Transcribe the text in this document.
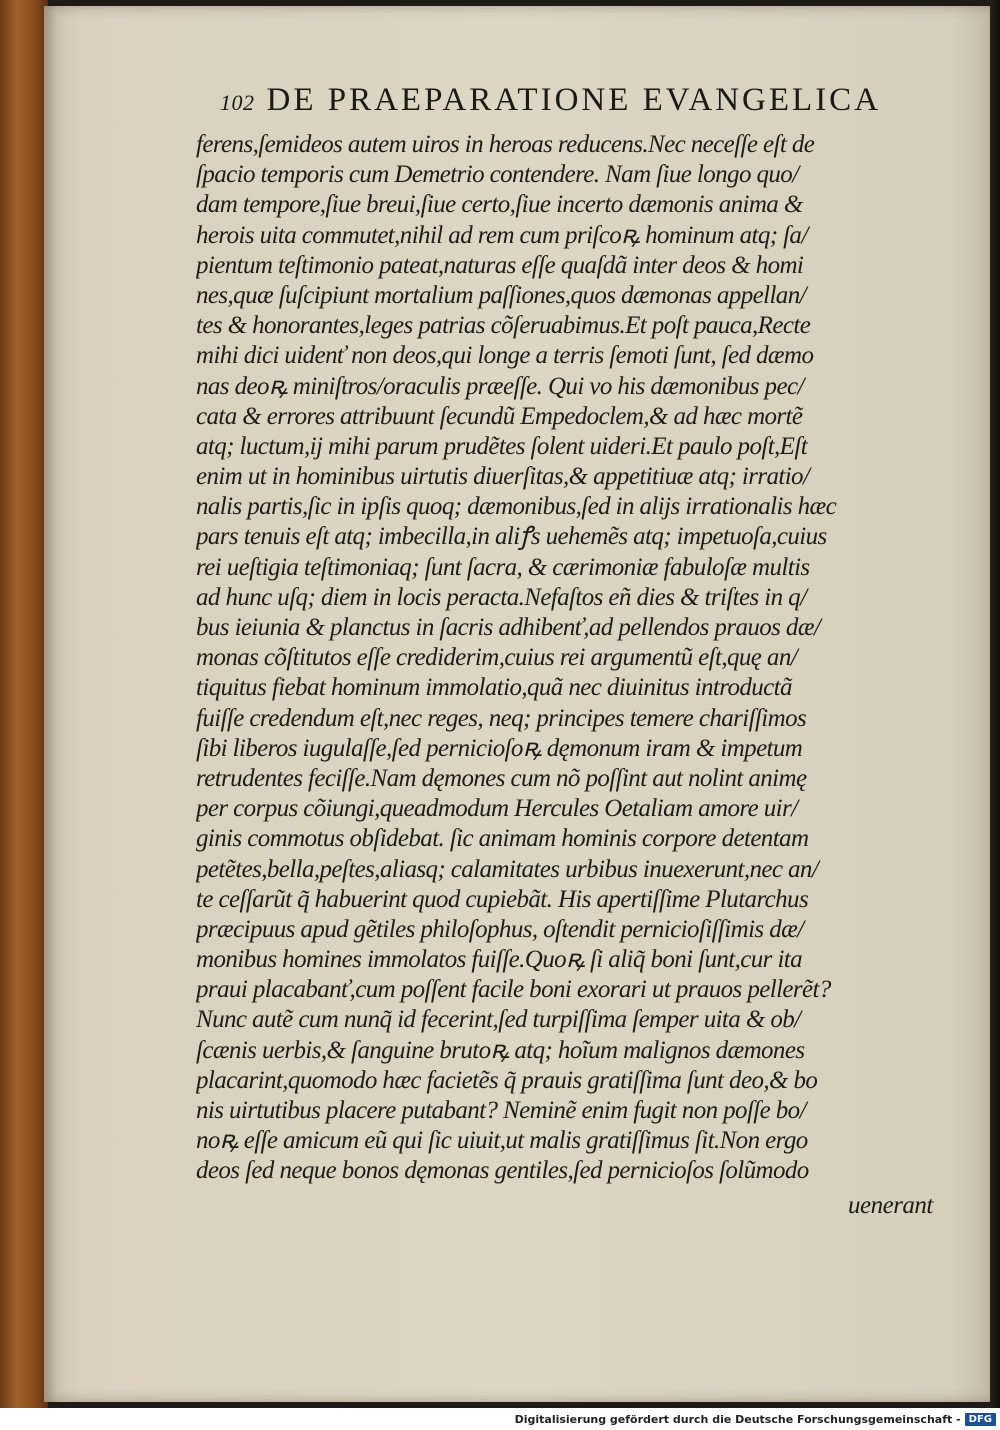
102 DE PRAEPARATIONE EVANGELICA
ferens,ſemideos autem uiros in heroas reducens.Nec neceſſe eſt de
ſpacio temporis cum Demetrio contendere. Nam ſiue longo quo/
dam tempore,ſiue breui,ſiue certo,ſiue incerto dæmonis anima &
herois uita commutet,nihil ad rem cum priſcoꝶ hominum atq; ſa/
pientum teſtimonio pateat,naturas eſſe quaſdã inter deos & homi
nes,quæ ſuſcipiunt mortalium paſſiones,quos dæmonas appellan/
tes & honorantes,leges patrias cõſeruabimus.Et poſt pauca,Recte
mihi dici uidenť non deos,qui longe a terris ſemoti ſunt, ſed dæmo
nas deoꝶ miniſtros/oraculis præeſſe. Qui vo his dæmonibus pec/
cata & errores attribuunt ſecundũ Empedoclem,& ad hæc mortẽ
atq; luctum,ij mihi parum prudẽtes ſolent uideri.Et paulo poſt,Eſt
enim ut in hominibus uirtutis diuerſitas,& appetitiuæ atq; irratio/
nalis partis,ſic in ipſis quoq; dæmonibus,ſed in alijs irrationalis hæc
pars tenuis eſt atq; imbecilla,in aliꝭs uehemẽs atq; impetuoſa,cuius
rei ueſtigia teſtimoniaq; ſunt ſacra, & cærimoniæ fabuloſæ multis
ad hunc uſq; diem in locis peracta.Nefaſtos eñ dies & triſtes in q/
bus ieiunia & planctus in ſacris adhibenť,ad pellendos prauos dæ/
monas cõſtitutos eſſe crediderim,cuius rei argumentũ eſt,quę an/
tiquitus fiebat hominum immolatio,quã nec diuinitus introductã
fuiſſe credendum eſt,nec reges, neq; principes temere chariſſimos
ſibi liberos iugulaſſe,ſed pernicioſoꝶ dęmonum iram & impetum
retrudentes feciſſe.Nam dęmones cum nõ poſſint aut nolint animę
per corpus cõiungi,queadmodum Hercules Oetaliam amore uir/
ginis commotus obſidebat. ſic animam hominis corpore detentam
petẽtes,bella,peſtes,aliasq; calamitates urbibus inuexerunt,nec an/
te ceſſarũt q̃ habuerint quod cupiebãt. His apertiſſime Plutarchus
præcipuus apud gẽtiles philoſophus, oſtendit pernicioſiſſimis dæ/
monibus homines immolatos fuiſſe.Quoꝶ ſi aliq̃ boni ſunt,cur ita
praui placabanť,cum poſſent facile boni exorari ut prauos pellerẽt?
Nunc autẽ cum nunq̃ id fecerint,ſed turpiſſima ſemper uita & ob/
ſcænis uerbis,& ſanguine brutoꝶ atq; hoĩum malignos dæmones
placarint,quomodo hæc facietẽs q̃ prauis gratiſſima ſunt deo,& bo
nis uirtutibus placere putabant? Neminẽ enim fugit non poſſe bo/
noꝶ eſſe amicum eũ qui ſic uiuit,ut malis gratiſſimus ſit.Non ergo
deos ſed neque bonos dęmonas gentiles,ſed pernicioſos ſolũmodo
uenerant
Digitalisierung gefördert durch die Deutsche Forschungsgemeinschaft - DFG
